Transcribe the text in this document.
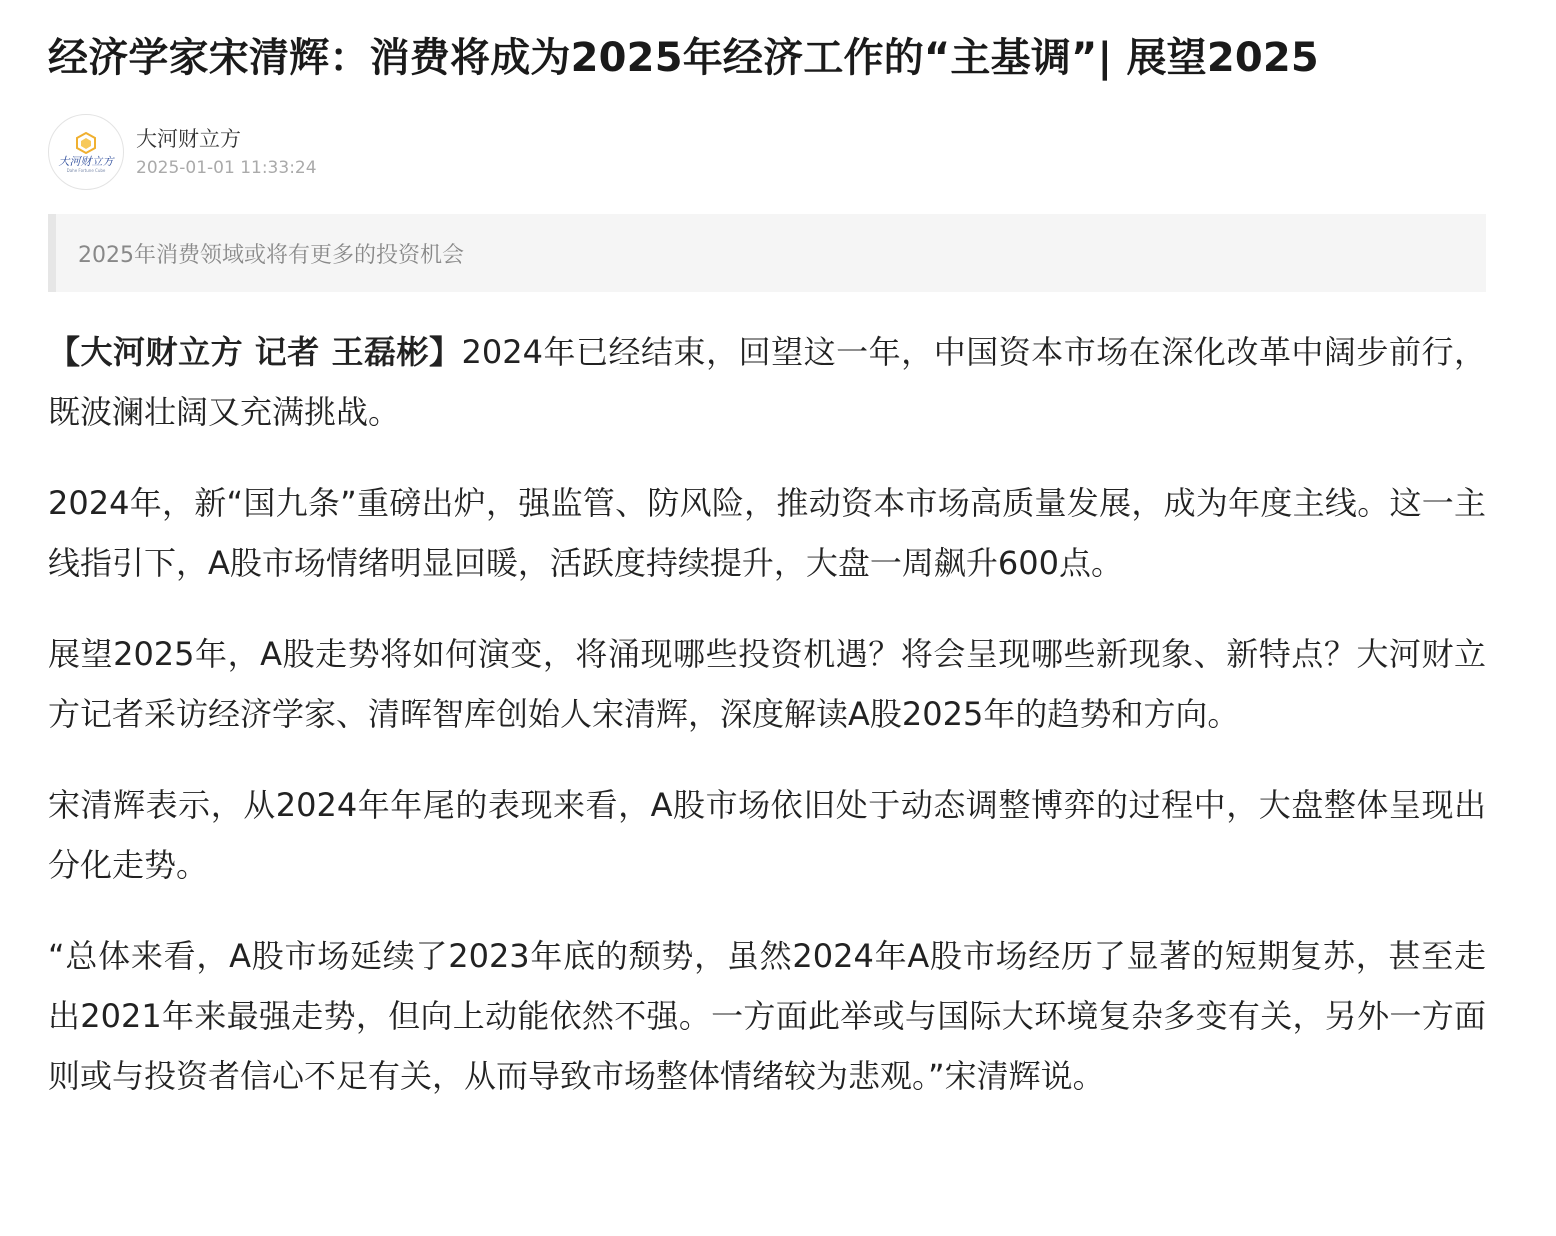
经济学家宋清辉：消费将成为2025年经济工作的“主基调”| 展望2025
大河财立方
Dahe Fortune Cube
大河财立方
2025-01-01 11:33:24
2025年消费领域或将有更多的投资机会

【大河财立方 记者 王磊彬】2024年已经结束，回望这一年，中国资本市场在深化改革中阔步前行，既波澜壮阔又充满挑战。

2024年，新“国九条”重磅出炉，强监管、防风险，推动资本市场高质量发展，成为年度主线。这一主线指引下，A股市场情绪明显回暖，活跃度持续提升，大盘一周飙升600点。

展望2025年，A股走势将如何演变，将涌现哪些投资机遇？将会呈现哪些新现象、新特点？大河财立方记者采访经济学家、清晖智库创始人宋清辉，深度解读A股2025年的趋势和方向。

宋清辉表示，从2024年年尾的表现来看，A股市场依旧处于动态调整博弈的过程中，大盘整体呈现出分化走势。

“总体来看，A股市场延续了2023年底的颓势，虽然2024年A股市场经历了显著的短期复苏，甚至走出2021年来最强走势，但向上动能依然不强。一方面此举或与国际大环境复杂多变有关，另外一方面则或与投资者信心不足有关，从而导致市场整体情绪较为悲观。”宋清辉说。
